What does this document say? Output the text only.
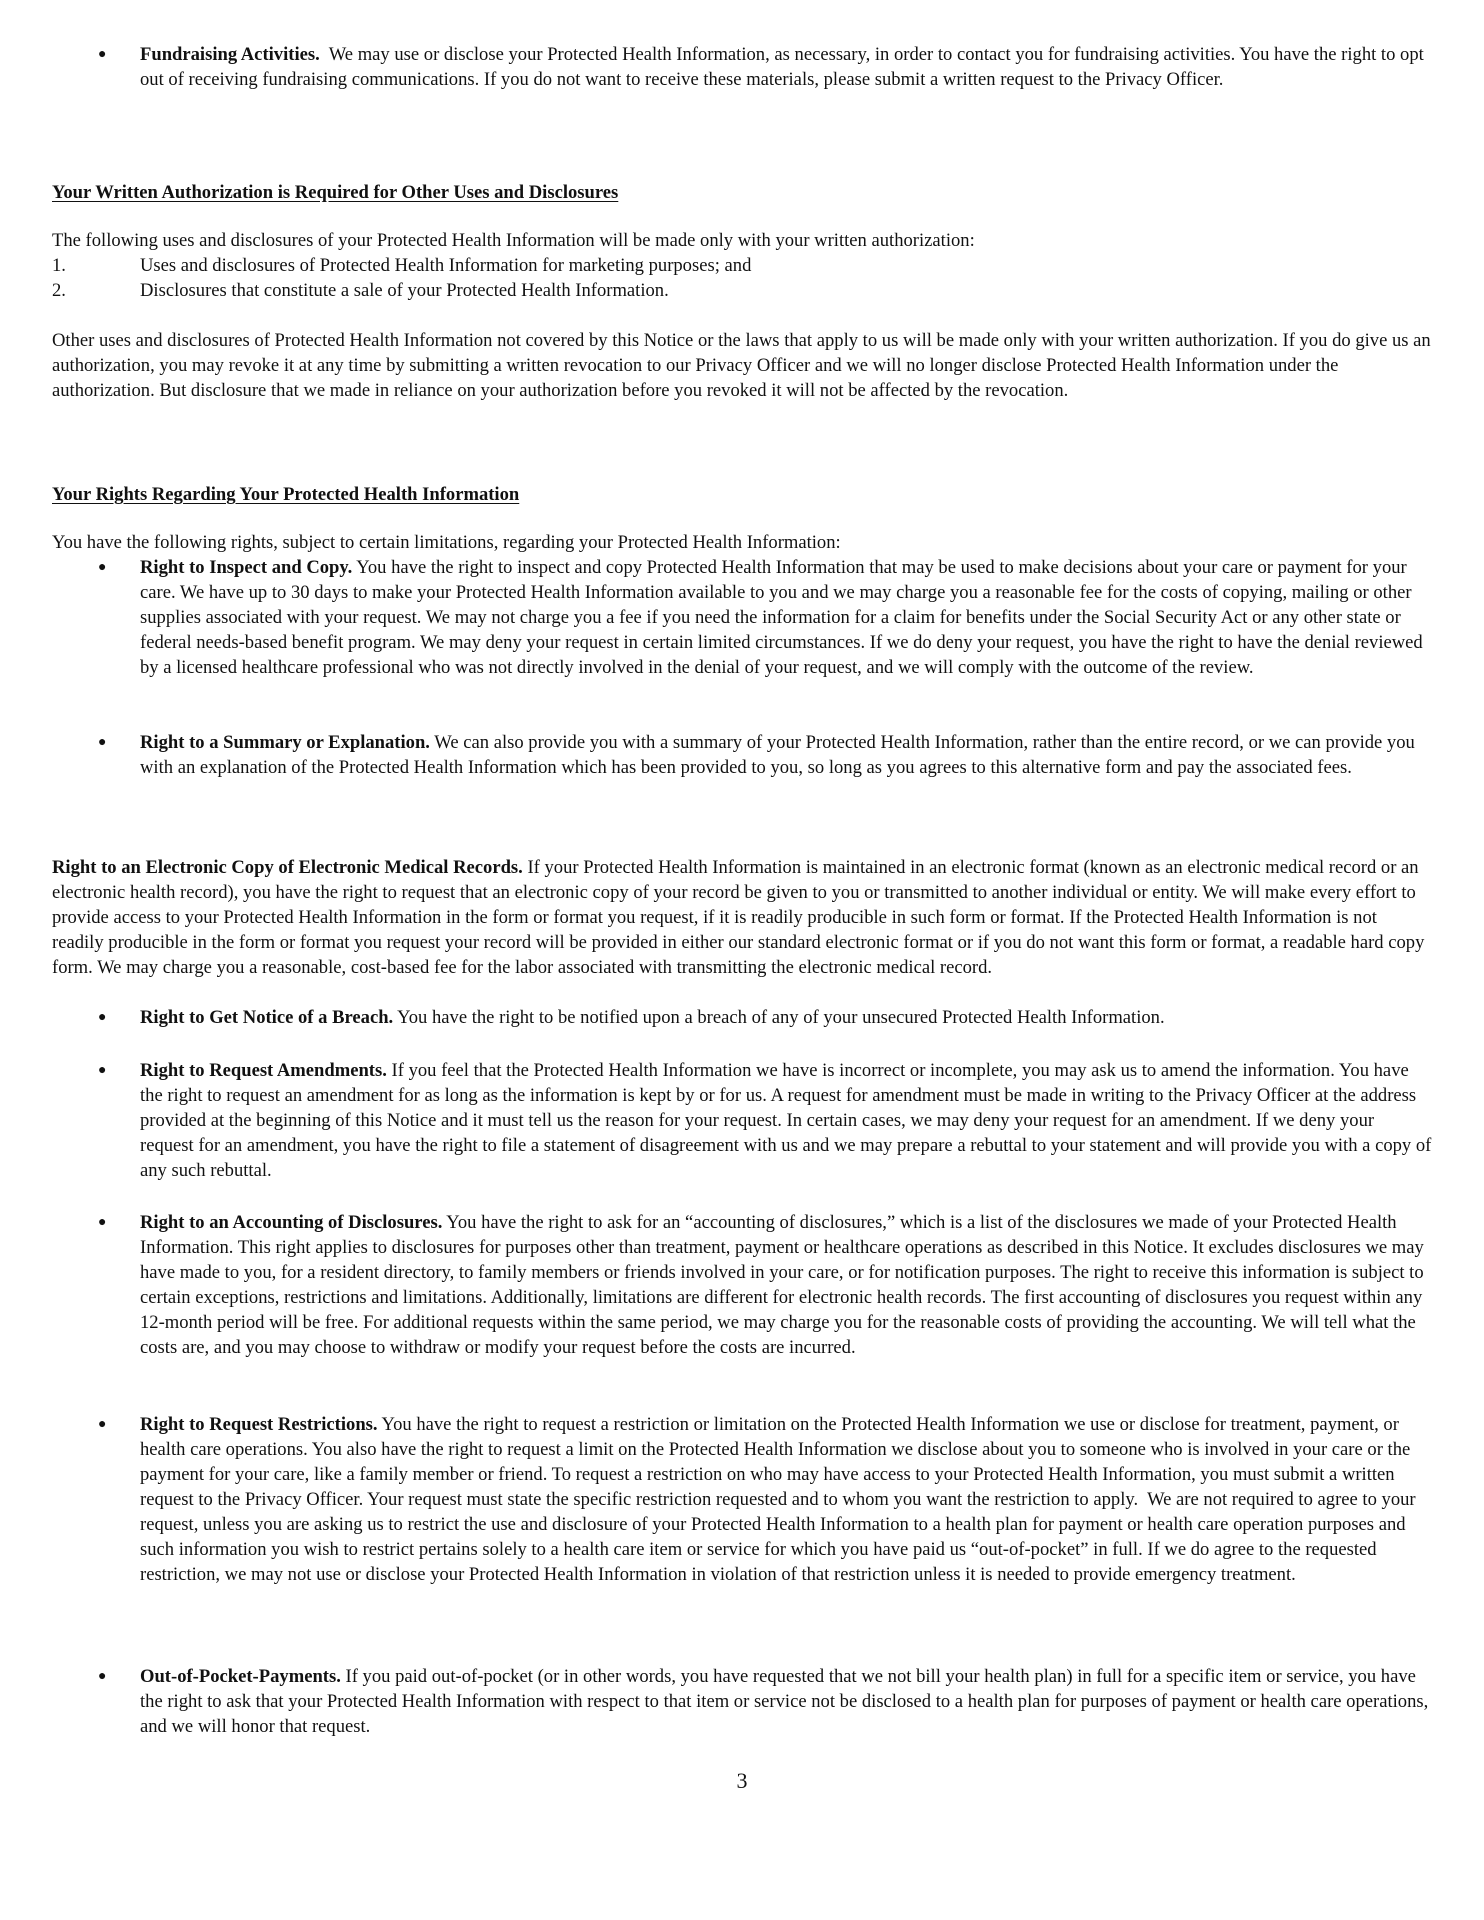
●	Fundraising Activities.  We may use or disclose your Protected Health Information, as necessary, in order to contact you for fundraising activities. You have the right to opt out of receiving fundraising communications. If you do not want to receive these materials, please submit a written request to the Privacy Officer.
Your Written Authorization is Required for Other Uses and Disclosures
The following uses and disclosures of your Protected Health Information will be made only with your written authorization:
1.	Uses and disclosures of Protected Health Information for marketing purposes; and
2.	Disclosures that constitute a sale of your Protected Health Information.
Other uses and disclosures of Protected Health Information not covered by this Notice or the laws that apply to us will be made only with your written authorization. If you do give us an authorization, you may revoke it at any time by submitting a written revocation to our Privacy Officer and we will no longer disclose Protected Health Information under the authorization. But disclosure that we made in reliance on your authorization before you revoked it will not be affected by the revocation.
Your Rights Regarding Your Protected Health Information
You have the following rights, subject to certain limitations, regarding your Protected Health Information:
●	Right to Inspect and Copy. You have the right to inspect and copy Protected Health Information that may be used to make decisions about your care or payment for your care. We have up to 30 days to make your Protected Health Information available to you and we may charge you a reasonable fee for the costs of copying, mailing or other supplies associated with your request. We may not charge you a fee if you need the information for a claim for benefits under the Social Security Act or any other state or federal needs-based benefit program. We may deny your request in certain limited circumstances. If we do deny your request, you have the right to have the denial reviewed by a licensed healthcare professional who was not directly involved in the denial of your request, and we will comply with the outcome of the review.
●	Right to a Summary or Explanation. We can also provide you with a summary of your Protected Health Information, rather than the entire record, or we can provide you with an explanation of the Protected Health Information which has been provided to you, so long as you agrees to this alternative form and pay the associated fees.
Right to an Electronic Copy of Electronic Medical Records. If your Protected Health Information is maintained in an electronic format (known as an electronic medical record or an electronic health record), you have the right to request that an electronic copy of your record be given to you or transmitted to another individual or entity. We will make every effort to provide access to your Protected Health Information in the form or format you request, if it is readily producible in such form or format. If the Protected Health Information is not readily producible in the form or format you request your record will be provided in either our standard electronic format or if you do not want this form or format, a readable hard copy form. We may charge you a reasonable, cost-based fee for the labor associated with transmitting the electronic medical record.
●	Right to Get Notice of a Breach. You have the right to be notified upon a breach of any of your unsecured Protected Health Information.
●	Right to Request Amendments. If you feel that the Protected Health Information we have is incorrect or incomplete, you may ask us to amend the information. You have the right to request an amendment for as long as the information is kept by or for us. A request for amendment must be made in writing to the Privacy Officer at the address provided at the beginning of this Notice and it must tell us the reason for your request. In certain cases, we may deny your request for an amendment. If we deny your request for an amendment, you have the right to file a statement of disagreement with us and we may prepare a rebuttal to your statement and will provide you with a copy of any such rebuttal.
●	Right to an Accounting of Disclosures. You have the right to ask for an “accounting of disclosures,” which is a list of the disclosures we made of your Protected Health Information. This right applies to disclosures for purposes other than treatment, payment or healthcare operations as described in this Notice. It excludes disclosures we may have made to you, for a resident directory, to family members or friends involved in your care, or for notification purposes. The right to receive this information is subject to certain exceptions, restrictions and limitations. Additionally, limitations are different for electronic health records. The first accounting of disclosures you request within any 12-month period will be free. For additional requests within the same period, we may charge you for the reasonable costs of providing the accounting. We will tell what the costs are, and you may choose to withdraw or modify your request before the costs are incurred.
●	Right to Request Restrictions. You have the right to request a restriction or limitation on the Protected Health Information we use or disclose for treatment, payment, or health care operations. You also have the right to request a limit on the Protected Health Information we disclose about you to someone who is involved in your care or the payment for your care, like a family member or friend. To request a restriction on who may have access to your Protected Health Information, you must submit a written request to the Privacy Officer. Your request must state the specific restriction requested and to whom you want the restriction to apply.  We are not required to agree to your request, unless you are asking us to restrict the use and disclosure of your Protected Health Information to a health plan for payment or health care operation purposes and such information you wish to restrict pertains solely to a health care item or service for which you have paid us “out-of-pocket” in full. If we do agree to the requested restriction, we may not use or disclose your Protected Health Information in violation of that restriction unless it is needed to provide emergency treatment.
●	Out-of-Pocket-Payments. If you paid out-of-pocket (or in other words, you have requested that we not bill your health plan) in full for a specific item or service, you have the right to ask that your Protected Health Information with respect to that item or service not be disclosed to a health plan for purposes of payment or health care operations, and we will honor that request.
3
